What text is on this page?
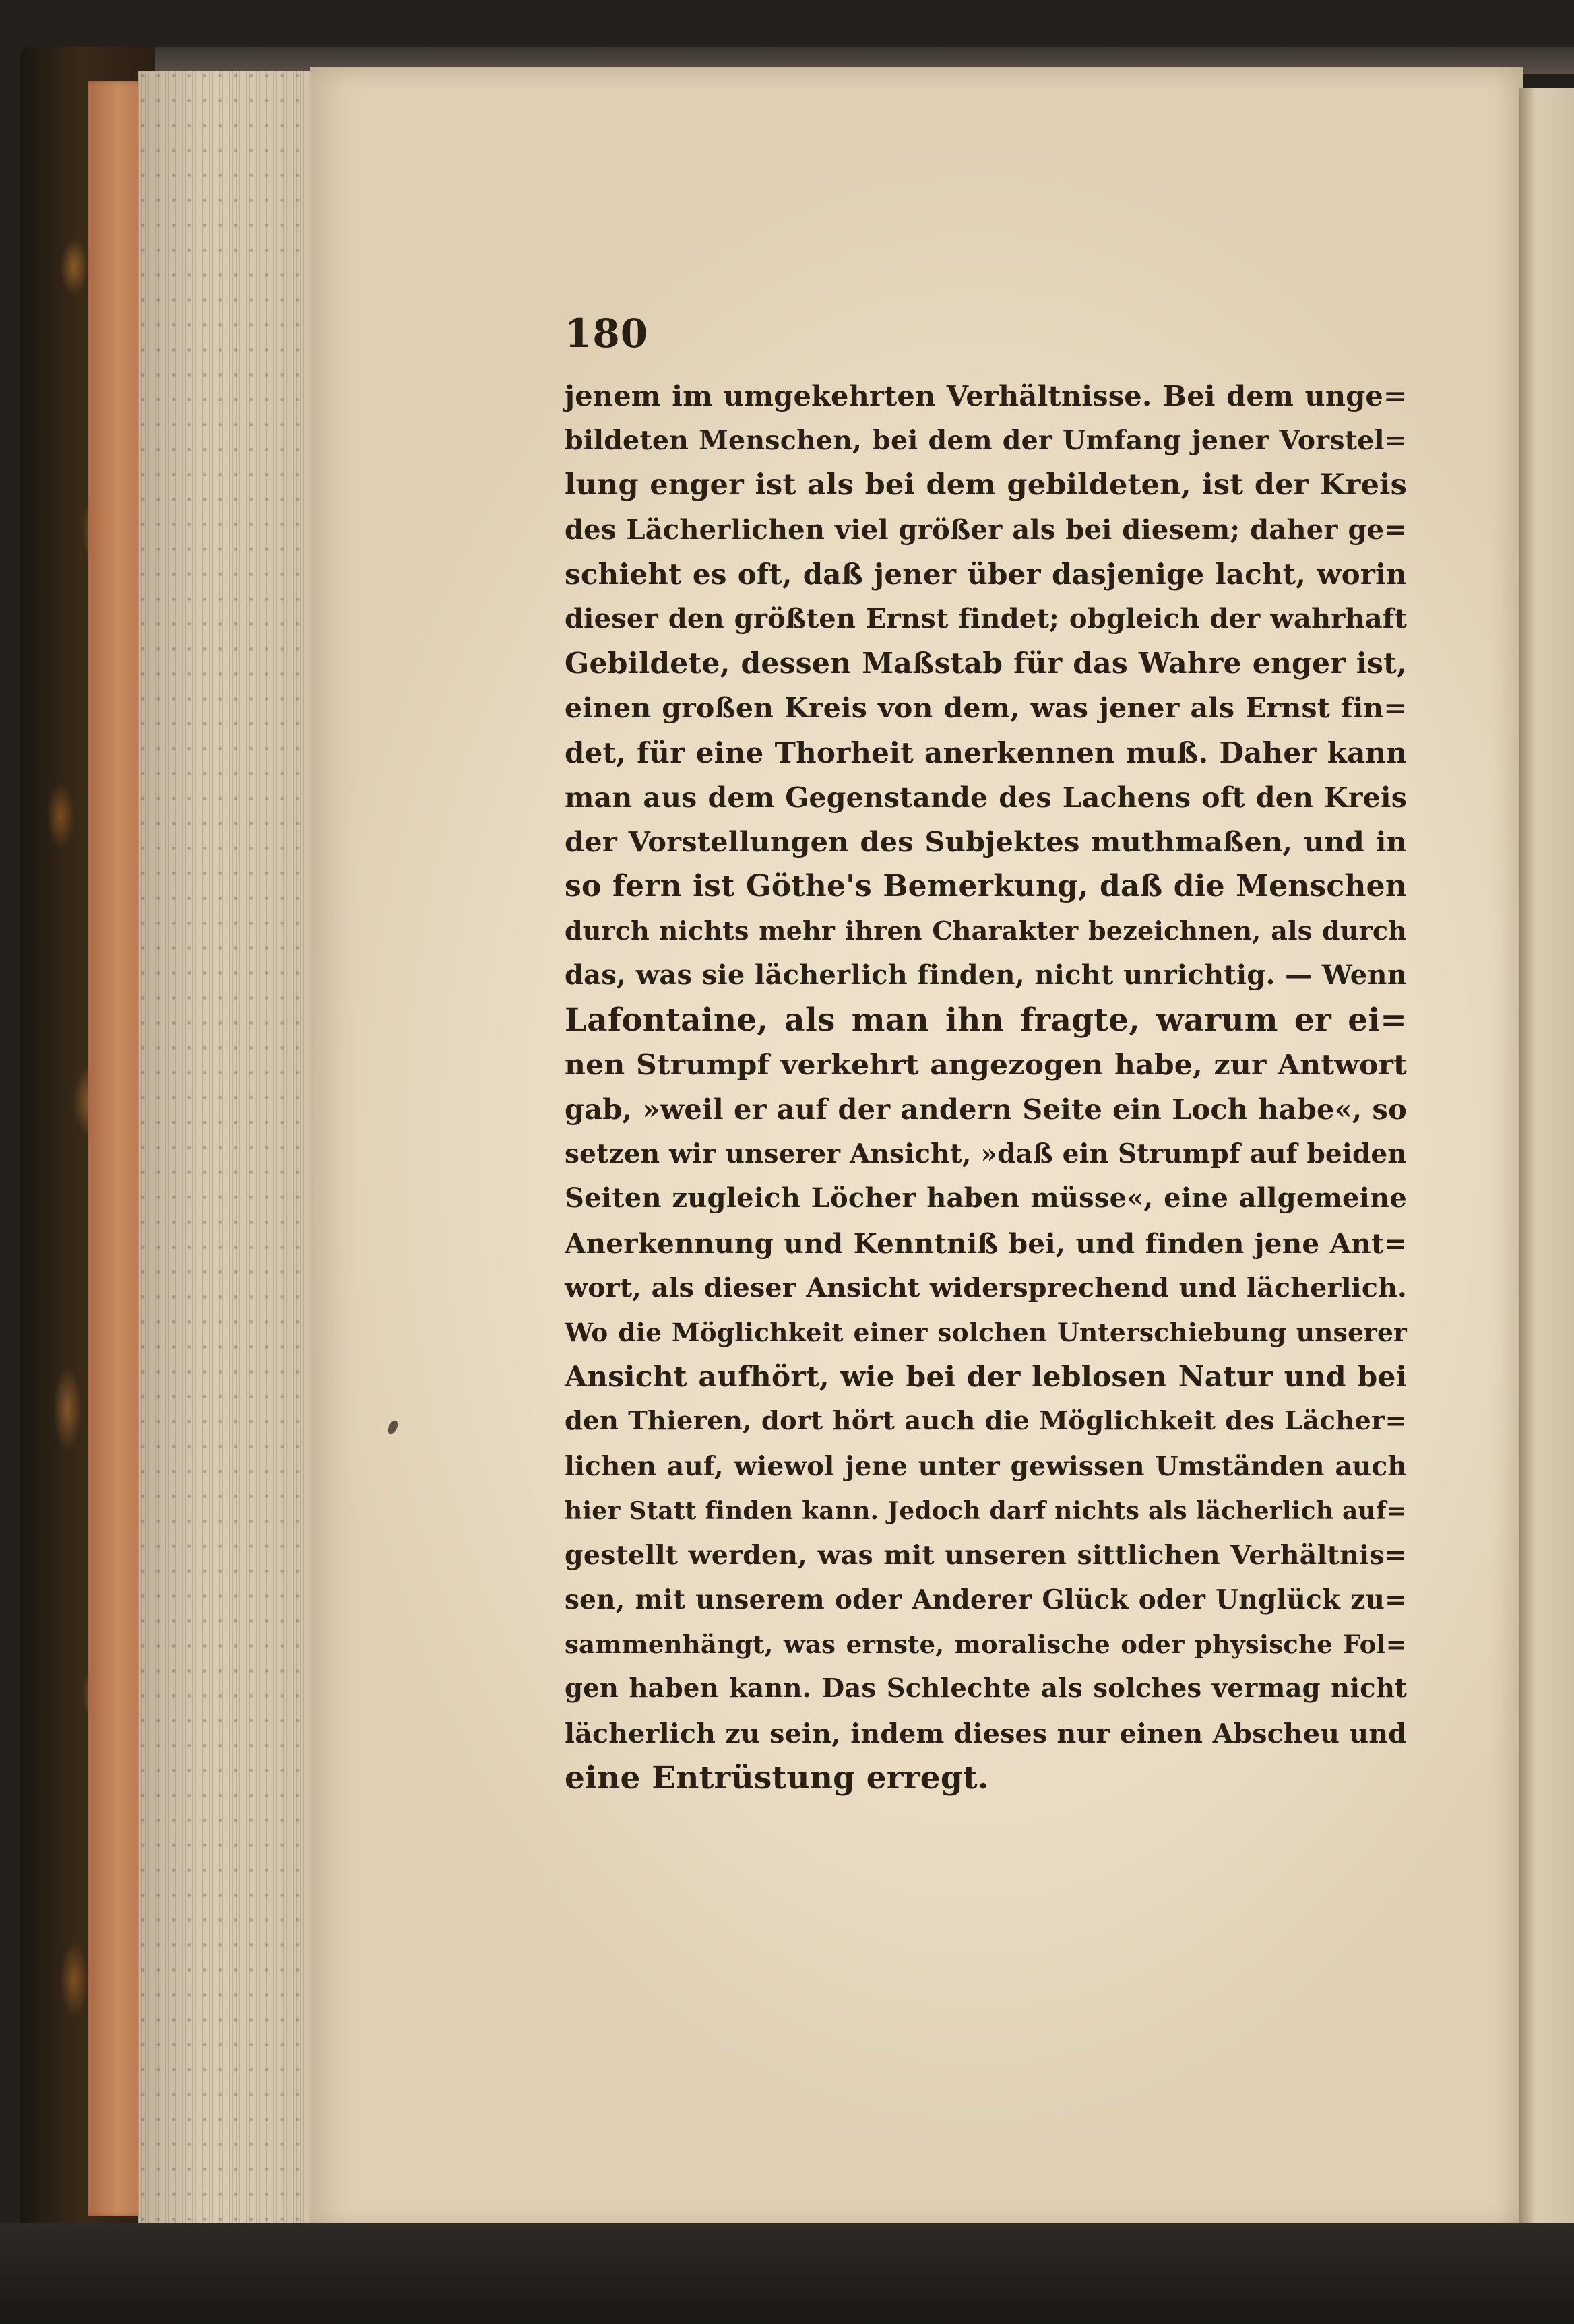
180
jenem im umgekehrten Verhältnisse. Bei dem unge=
bildeten Menschen, bei dem der Umfang jener Vorstel=
lung enger ist als bei dem gebildeten, ist der Kreis
des Lächerlichen viel größer als bei diesem; daher ge=
schieht es oft, daß jener über dasjenige lacht, worin
dieser den größten Ernst findet; obgleich der wahrhaft
Gebildete, dessen Maßstab für das Wahre enger ist,
einen großen Kreis von dem, was jener als Ernst fin=
det, für eine Thorheit anerkennen muß. Daher kann
man aus dem Gegenstande des Lachens oft den Kreis
der Vorstellungen des Subjektes muthmaßen, und in
so fern ist Göthe's Bemerkung, daß die Menschen
durch nichts mehr ihren Charakter bezeichnen, als durch
das, was sie lächerlich finden, nicht unrichtig. — Wenn
Lafontaine, als man ihn fragte, warum er ei=
nen Strumpf verkehrt angezogen habe, zur Antwort
gab, »weil er auf der andern Seite ein Loch habe«, so
setzen wir unserer Ansicht, »daß ein Strumpf auf beiden
Seiten zugleich Löcher haben müsse«, eine allgemeine
Anerkennung und Kenntniß bei, und finden jene Ant=
wort, als dieser Ansicht widersprechend und lächerlich.
Wo die Möglichkeit einer solchen Unterschiebung unserer
Ansicht aufhört, wie bei der leblosen Natur und bei
den Thieren, dort hört auch die Möglichkeit des Lächer=
lichen auf, wiewol jene unter gewissen Umständen auch
hier Statt finden kann. Jedoch darf nichts als lächerlich auf=
gestellt werden, was mit unseren sittlichen Verhältnis=
sen, mit unserem oder Anderer Glück oder Unglück zu=
sammenhängt, was ernste, moralische oder physische Fol=
gen haben kann. Das Schlechte als solches vermag nicht
lächerlich zu sein, indem dieses nur einen Abscheu und
eine Entrüstung erregt.
